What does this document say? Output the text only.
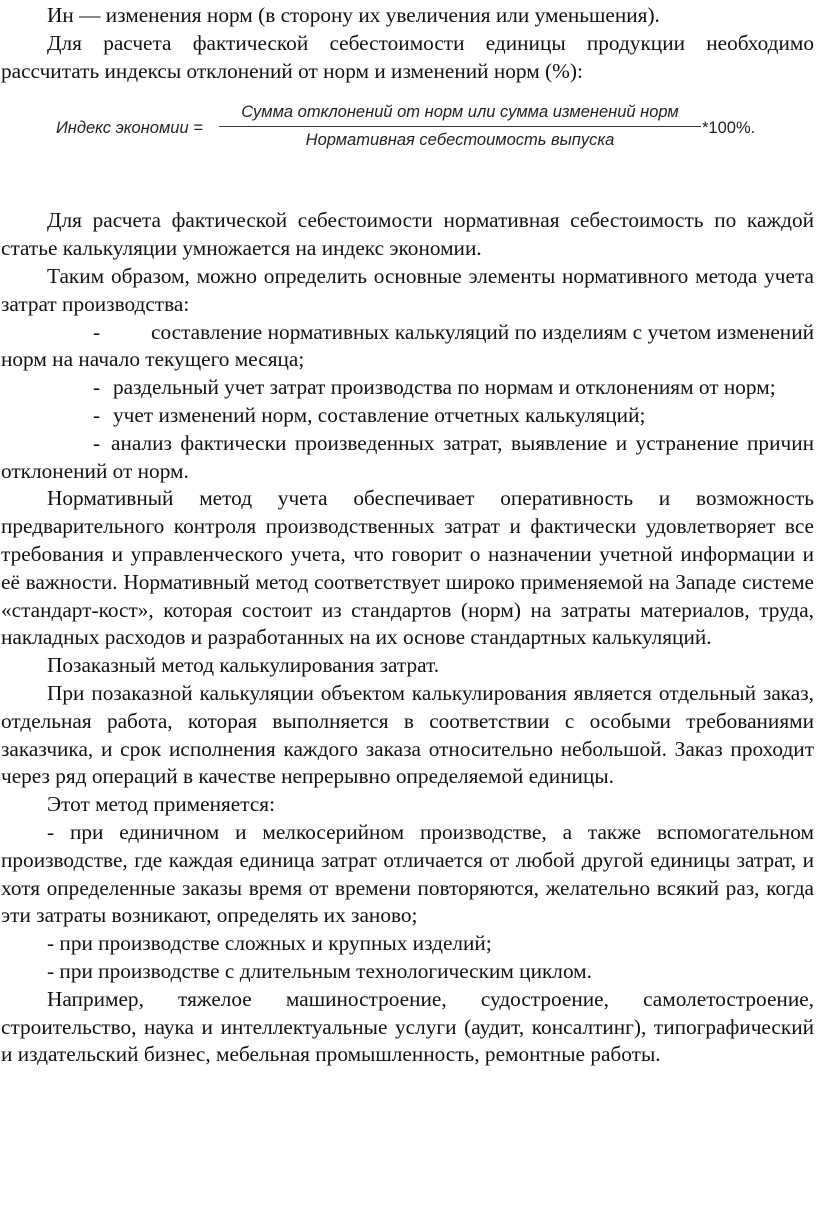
Ин — изменения норм (в сторону их увеличения или уменьшения).

Для расчета фактической себестоимости единицы продукции необходимо рассчитать индексы отклонений от норм и изменений норм (%):

Индекс экономии =
Сумма отклонений от норм или сумма изменений норм
Нормативная себестоимость выпуска
*100%.

Для расчета фактической себестоимости нормативная себестоимость по каждой статье калькуляции умножается на индекс экономии.

Таким образом, можно определить основные элементы нормативного метода учета затрат производства:

- составление нормативных калькуляций по изделиям с учетом изменений норм на начало текущего месяца;

- раздельный учет затрат производства по нормам и отклонениям от норм;

- учет изменений норм, составление отчетных калькуляций;

- анализ фактически произведенных затрат, выявление и устранение причин отклонений от норм.

Нормативный метод учета обеспечивает оперативность и возможность предварительного контроля производственных затрат и фактически удовлетворяет все требования и управленческого учета, что говорит о назначении учетной информации и её важности. Нормативный метод соответствует широко применяемой на Западе системе «стандарт-кост», которая состоит из стандартов (норм) на затраты материалов, труда, накладных расходов и разработанных на их основе стандартных калькуляций.

Позаказный метод калькулирования затрат.

При позаказной калькуляции объектом калькулирования является отдельный заказ, отдельная работа, которая выполняется в соответствии с особыми требованиями заказчика, и срок исполнения каждого заказа относительно небольшой. Заказ проходит через ряд операций в качестве непрерывно определяемой единицы.

Этот метод применяется:

- при единичном и мелкосерийном производстве, а также вспомогательном производстве, где каждая единица затрат отличается от любой другой единицы затрат, и хотя определенные заказы время от времени повторяются, желательно всякий раз, когда эти затраты возникают, определять их заново;

- при производстве сложных и крупных изделий;

- при производстве с длительным технологическим циклом.

Например, тяжелое машиностроение, судостроение, самолетостроение, строительство, наука и интеллектуальные услуги (аудит, консалтинг), типографический и издательский бизнес, мебельная промышленность, ремонтные работы.
